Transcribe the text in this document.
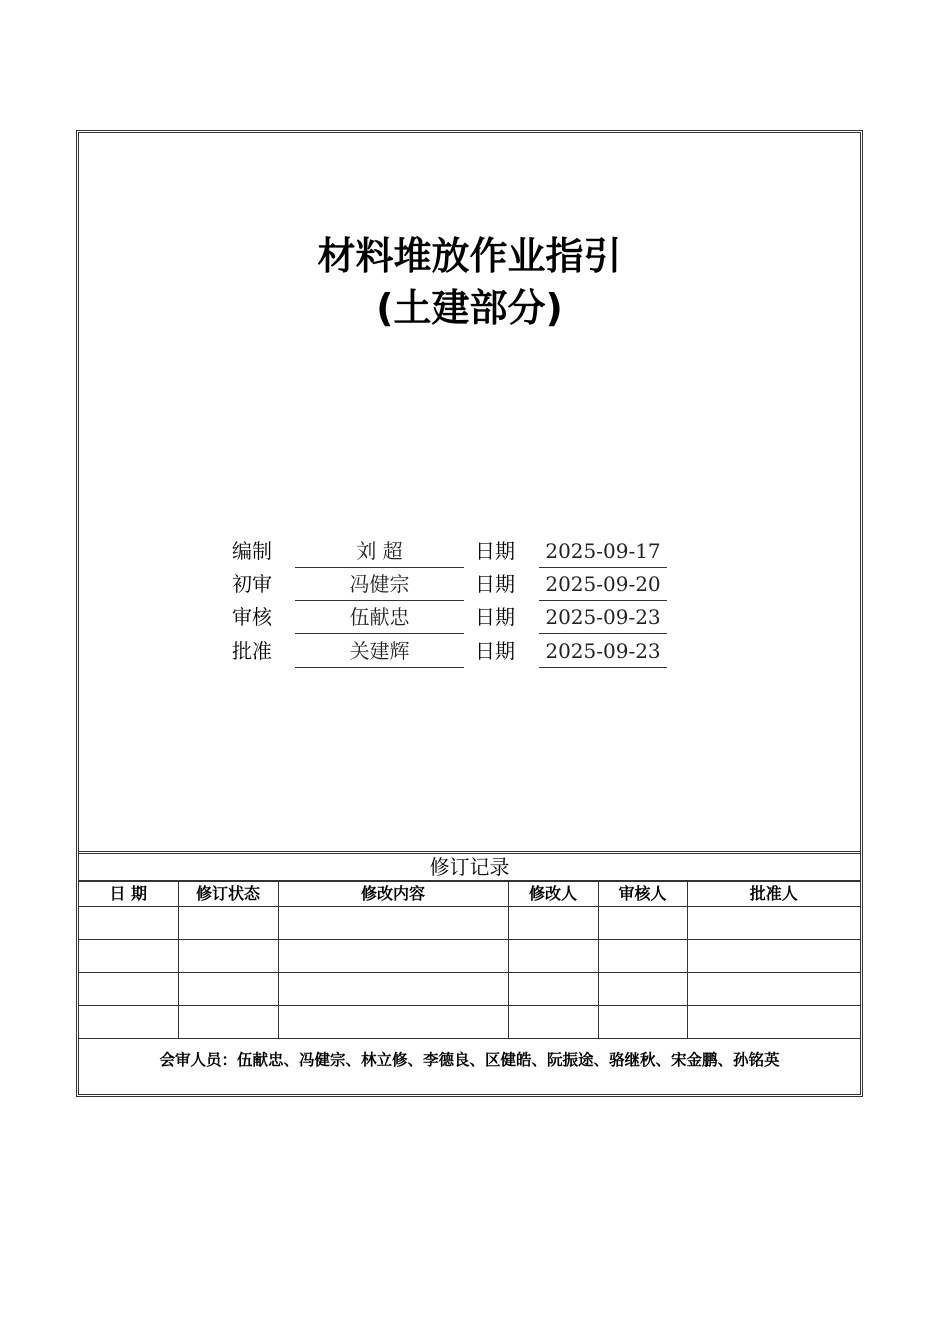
材料堆放作业指引
(土建部分)
编制	刘 超	日期	2025-09-17
初审	冯健宗	日期	2025-09-20
审核	伍献忠	日期	2025-09-23
批准	关建辉	日期	2025-09-23
修订记录
日 期	修订状态	修改内容	修改人	审核人	批准人

会审人员：伍献忠、冯健宗、林立修、李德良、区健皓、阮振途、骆继秋、宋金鹏、孙铭英					
